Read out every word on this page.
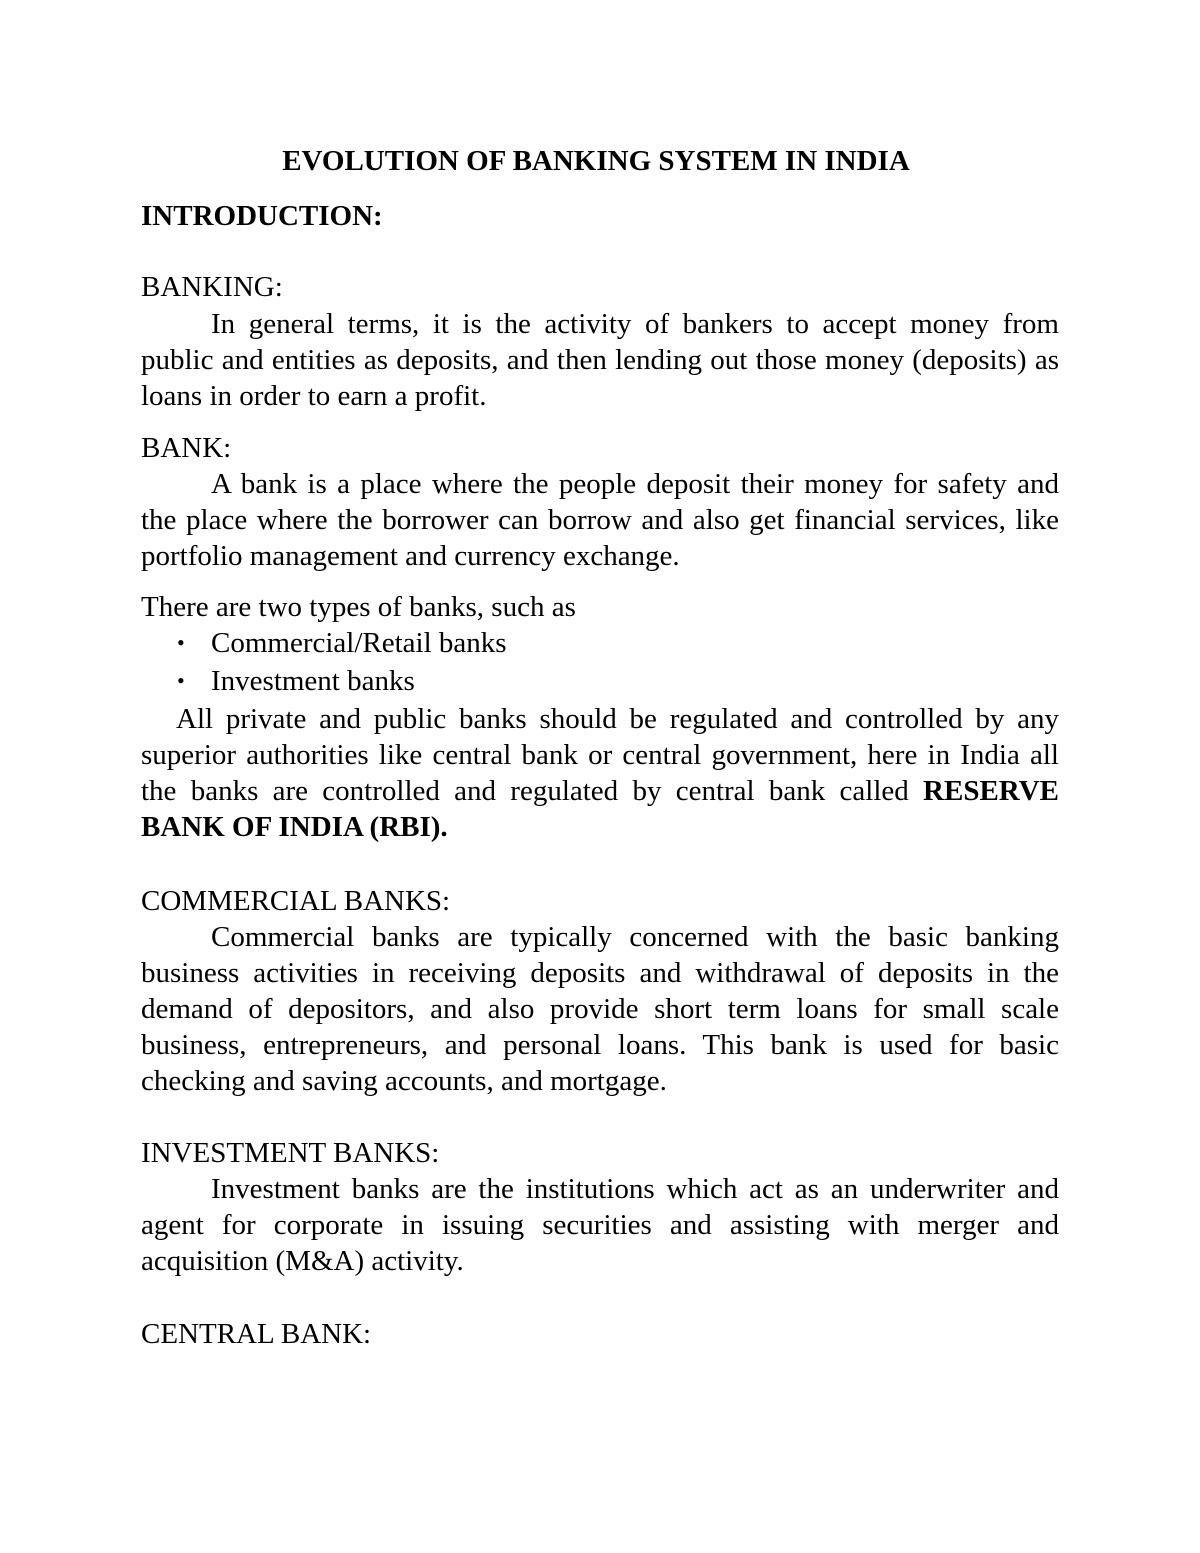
EVOLUTION OF BANKING SYSTEM IN INDIA

INTRODUCTION:

BANKING:

In general terms, it is the activity of bankers to accept money from public and entities as deposits, and then lending out those money (deposits) as loans in order to earn a profit.

BANK:

A bank is a place where the people deposit their money for safety and the place where the borrower can borrow and also get financial services, like portfolio management and currency exchange.

There are two types of banks, such as

• Commercial/Retail banks
• Investment banks

All private and public banks should be regulated and controlled by any superior authorities like central bank or central government, here in India all the banks are controlled and regulated by central bank called RESERVE BANK OF INDIA (RBI).

COMMERCIAL BANKS:

Commercial banks are typically concerned with the basic banking business activities in receiving deposits and withdrawal of deposits in the demand of depositors, and also provide short term loans for small scale business, entrepreneurs, and personal loans. This bank is used for basic checking and saving accounts, and mortgage.

INVESTMENT BANKS:

Investment banks are the institutions which act as an underwriter and agent for corporate in issuing securities and assisting with merger and acquisition (M&A) activity.

CENTRAL BANK:
